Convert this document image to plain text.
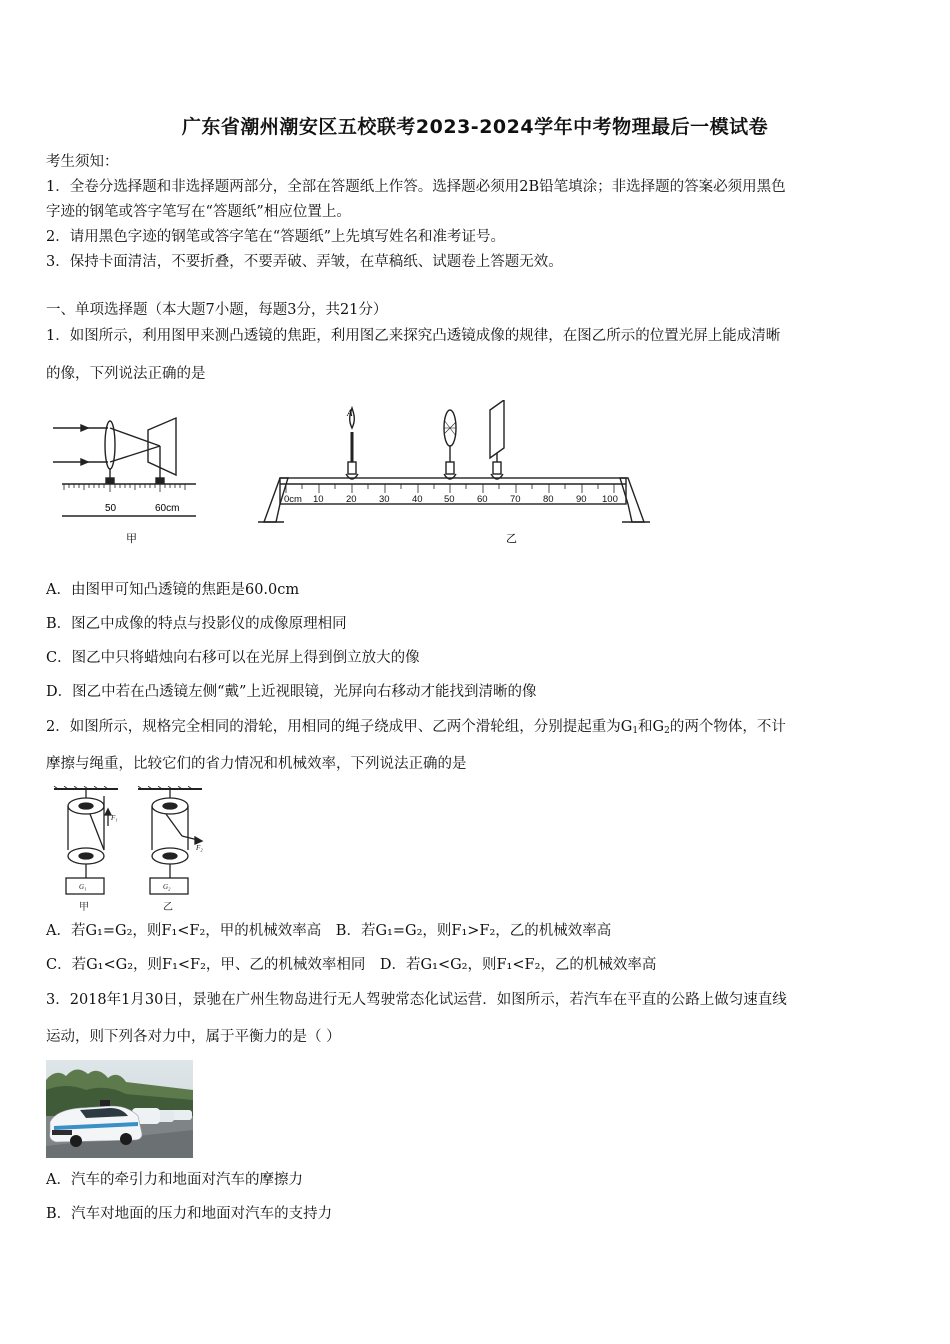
广东省潮州潮安区五校联考2023-2024学年中考物理最后一模试卷
考生须知：
1．全卷分选择题和非选择题两部分，全部在答题纸上作答。选择题必须用2B铅笔填涂；非选择题的答案必须用黑色
字迹的钢笔或答字笔写在“答题纸”相应位置上。
2．请用黑色字迹的钢笔或答字笔在“答题纸”上先填写姓名和准考证号。
3．保持卡面清洁，不要折叠，不要弄破、弄皱，在草稿纸、试题卷上答题无效。
一、单项选择题（本大题7小题，每题3分，共21分）
1．如图所示，利用图甲来测凸透镜的焦距，利用图乙来探究凸透镜成像的规律，在图乙所示的位置光屏上能成清晰
的像，下列说法正确的是
50	60cm
甲
0cm 10 20 30 40 50 60 70 80 90 100
A
乙
A．由图甲可知凸透镜的焦距是60.0cm
B．图乙中成像的特点与投影仪的成像原理相同
C．图乙中只将蜡烛向右移可以在光屏上得到倒立放大的像
D．图乙中若在凸透镜左侧“戴”上近视眼镜，光屏向右移动才能找到清晰的像
2．如图所示，规格完全相同的滑轮，用相同的绳子绕成甲、乙两个滑轮组，分别提起重为$G_1$和$G_2$的两个物体，不计
摩擦与绳重，比较它们的省力情况和机械效率，下列说法正确的是
F₁
F₂
G₁	G₂
甲	乙
A．若G₁=G₂，则F₁<F₂，甲的机械效率高　B．若G₁=G₂，则F₁>F₂，乙的机械效率高
C．若G₁<G₂，则F₁<F₂，甲、乙的机械效率相同　D．若G₁<G₂，则F₁<F₂，乙的机械效率高
3．2018年1月30日，景驰在广州生物岛进行无人驾驶常态化试运营．如图所示，若汽车在平直的公路上做匀速直线
运动，则下列各对力中，属于平衡力的是（ ）
A．汽车的牵引力和地面对汽车的摩擦力
B．汽车对地面的压力和地面对汽车的支持力
